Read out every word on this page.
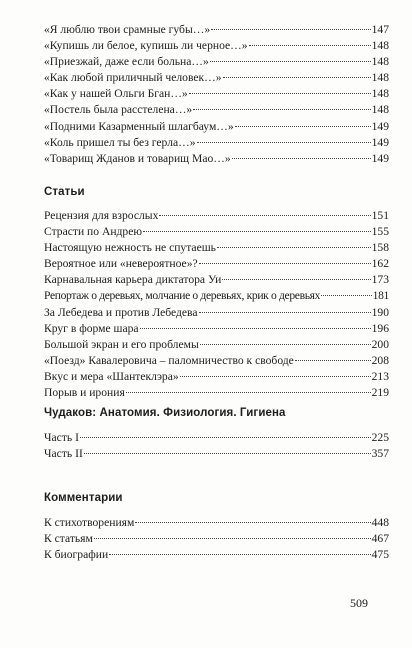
«Я люблю твои срамные губы…»	147
«Купишь ли белое, купишь ли черное…»	148
«Приезжай, даже если больна…»	148
«Как любой приличный человек…»	148
«Как у нашей Ольги Бган…»	148
«Постель была расстелена…»	148
«Подними Казарменный шлагбаум…»	149
«Коль пришел ты без герла…»	149
«Товарищ Жданов и товарищ Мао…»	149
Статьи
Рецензия для взрослых	151
Страсти по Андрею	155
Настоящую нежность не спутаешь	158
Вероятное или «невероятное»?	162
Карнавальная карьера диктатора Уи	173
Репортаж о деревьях, молчание о деревьях, крик о деревьях	181
За Лебедева и против Лебедева	190
Круг в форме шара	196
Большой экран и его проблемы	200
«Поезд» Кавалеровича – паломничество к свободе	208
Вкус и мера «Шантеклэра»	213
Порыв и ирония	219
Чудаков: Анатомия. Физиология. Гигиена
Часть I	225
Часть II	357
Комментарии
К стихотворениям	448
К статьям	467
К биографии	475
509
